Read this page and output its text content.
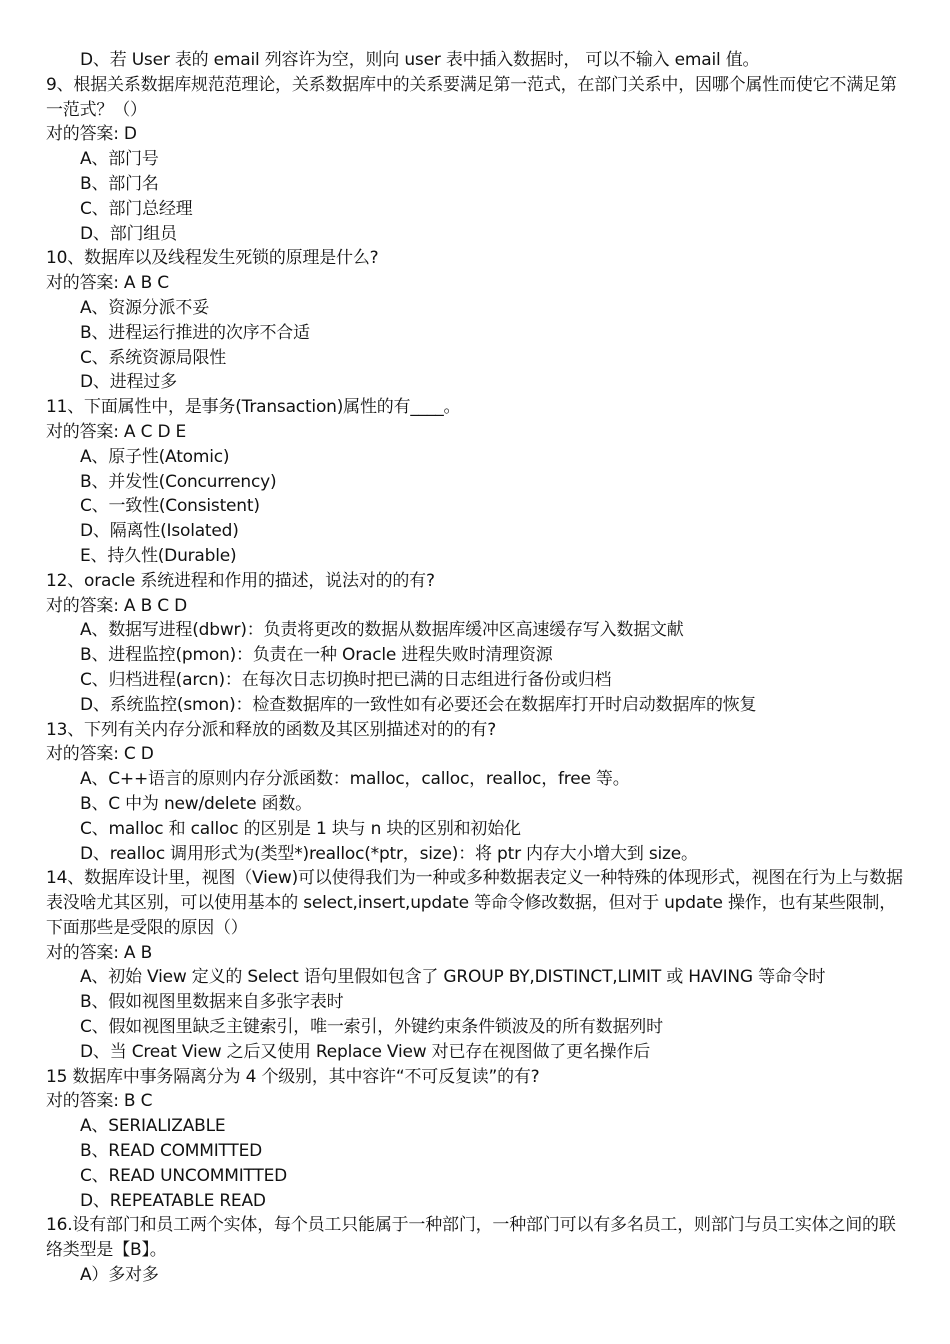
D、若 User 表的 email 列容许为空，则向 user 表中插入数据时， 可以不输入 email 值。
9、根据关系数据库规范范理论，关系数据库中的关系要满足第一范式，在部门关系中，因哪个属性而使它不满足第一范式？（）
对的答案: D
A、部门号
B、部门名
C、部门总经理
D、部门组员
10、数据库以及线程发生死锁的原理是什么?
对的答案: A B C
A、资源分派不妥
B、进程运行推进的次序不合适
C、系统资源局限性
D、进程过多
11、下面属性中，是事务(Transaction)属性的有____。
对的答案: A C D E
A、原子性(Atomic)
B、并发性(Concurrency)
C、一致性(Consistent)
D、隔离性(Isolated)
E、持久性(Durable)
12、oracle 系统进程和作用的描述，说法对的的有?
对的答案: A B C D
A、数据写进程(dbwr)：负责将更改的数据从数据库缓冲区高速缓存写入数据文献
B、进程监控(pmon)：负责在一种 Oracle 进程失败时清理资源
C、归档进程(arcn)：在每次日志切换时把已满的日志组进行备份或归档
D、系统监控(smon)：检查数据库的一致性如有必要还会在数据库打开时启动数据库的恢复
13、下列有关内存分派和释放的函数及其区别描述对的的有?
对的答案: C D
A、C++语言的原则内存分派函数：malloc，calloc，realloc，free 等。
B、C 中为 new/delete 函数。
C、malloc 和 calloc 的区别是 1 块与 n 块的区别和初始化
D、realloc 调用形式为(类型*)realloc(*ptr，size)：将 ptr 内存大小增大到 size。
14、数据库设计里，视图（View)可以使得我们为一种或多种数据表定义一种特殊的体现形式，视图在行为上与数据表没啥尤其区别，可以使用基本的 select,insert,update 等命令修改数据，但对于 update 操作，也有某些限制，下面那些是受限的原因（）
对的答案: A B
A、初始 View 定义的 Select 语句里假如包含了 GROUP BY,DISTINCT,LIMIT 或 HAVING 等命令时
B、假如视图里数据来自多张字表时
C、假如视图里缺乏主键索引，唯一索引，外键约束条件锁波及的所有数据列时
D、当 Creat View 之后又使用 Replace View 对已存在视图做了更名操作后
15 数据库中事务隔离分为 4 个级别，其中容许“不可反复读”的有?
对的答案: B C
A、SERIALIZABLE
B、READ COMMITTED
C、READ UNCOMMITTED
D、REPEATABLE READ
16.设有部门和员工两个实体，每个员工只能属于一种部门，一种部门可以有多名员工，则部门与员工实体之间的联络类型是【B】。
A）多对多
